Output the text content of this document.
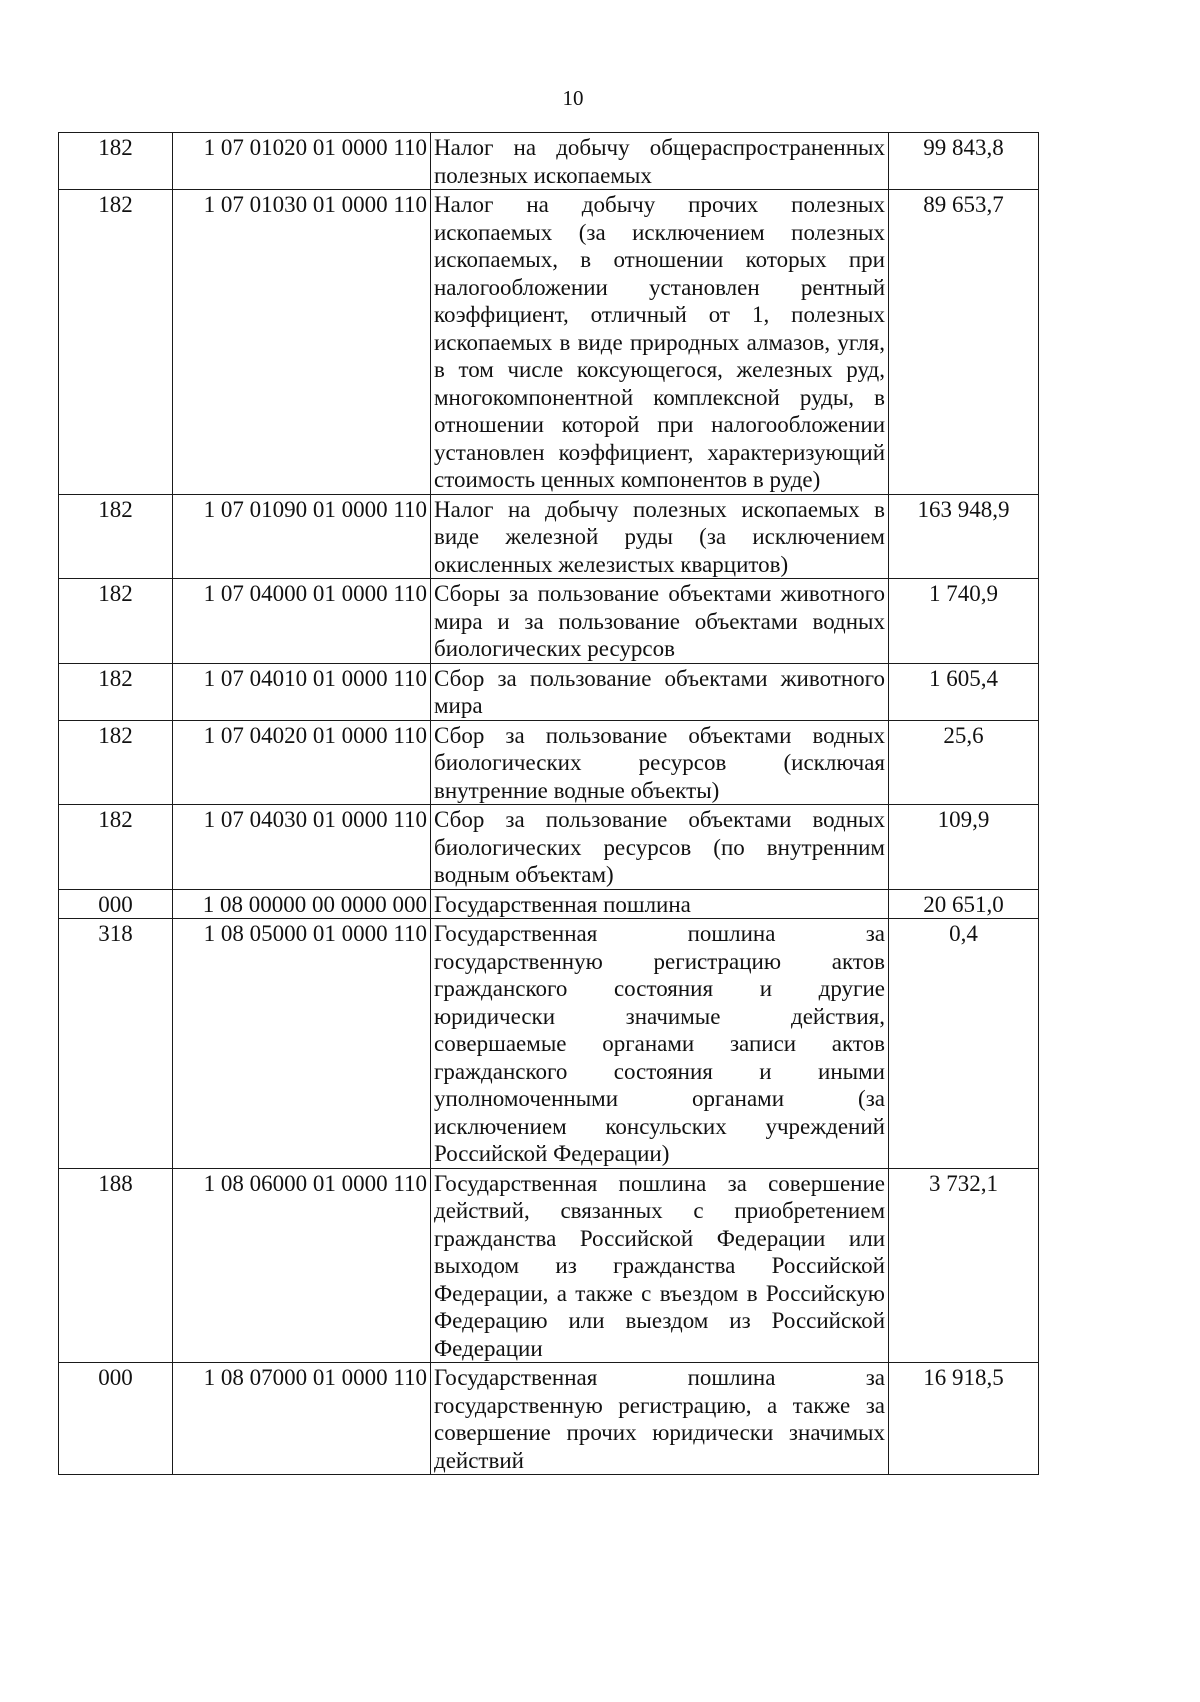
10
182	1 07 01020 01 0000 110	Налог на добычу общераспространенных полезных ископаемых	99 843,8
182	1 07 01030 01 0000 110	Налог на добычу прочих полезных ископаемых (за исключением полезных ископаемых, в отношении которых при налогообложении установлен рентный коэффициент, отличный от 1, полезных ископаемых в виде природных алмазов, угля, в том числе коксующегося, железных руд, многокомпонентной комплексной руды, в отношении которой при налогообложении установлен коэффициент, характеризующий стоимость ценных компонентов в руде)	89 653,7
182	1 07 01090 01 0000 110	Налог на добычу полезных ископаемых в виде железной руды (за исключением окисленных железистых кварцитов)	163 948,9
182	1 07 04000 01 0000 110	Сборы за пользование объектами животного мира и за пользование объектами водных биологических ресурсов	1 740,9
182	1 07 04010 01 0000 110	Сбор за пользование объектами животного мира	1 605,4
182	1 07 04020 01 0000 110	Сбор за пользование объектами водных биологических ресурсов (исключая внутренние водные объекты)	25,6
182	1 07 04030 01 0000 110	Сбор за пользование объектами водных биологических ресурсов (по внутренним водным объектам)	109,9
000	1 08 00000 00 0000 000	Государственная пошлина	20 651,0
318	1 08 05000 01 0000 110	Государственная пошлина за государственную регистрацию актов гражданского состояния и другие юридически значимые действия, совершаемые органами записи актов гражданского состояния и иными уполномоченными органами (за исключением консульских учреждений Российской Федерации)	0,4
188	1 08 06000 01 0000 110	Государственная пошлина за совершение действий, связанных с приобретением гражданства Российской Федерации или выходом из гражданства Российской Федерации, а также с въездом в Российскую Федерацию или выездом из Российской Федерации	3 732,1
000	1 08 07000 01 0000 110	Государственная пошлина за государственную регистрацию, а также за совершение прочих юридически значимых действий	16 918,5
